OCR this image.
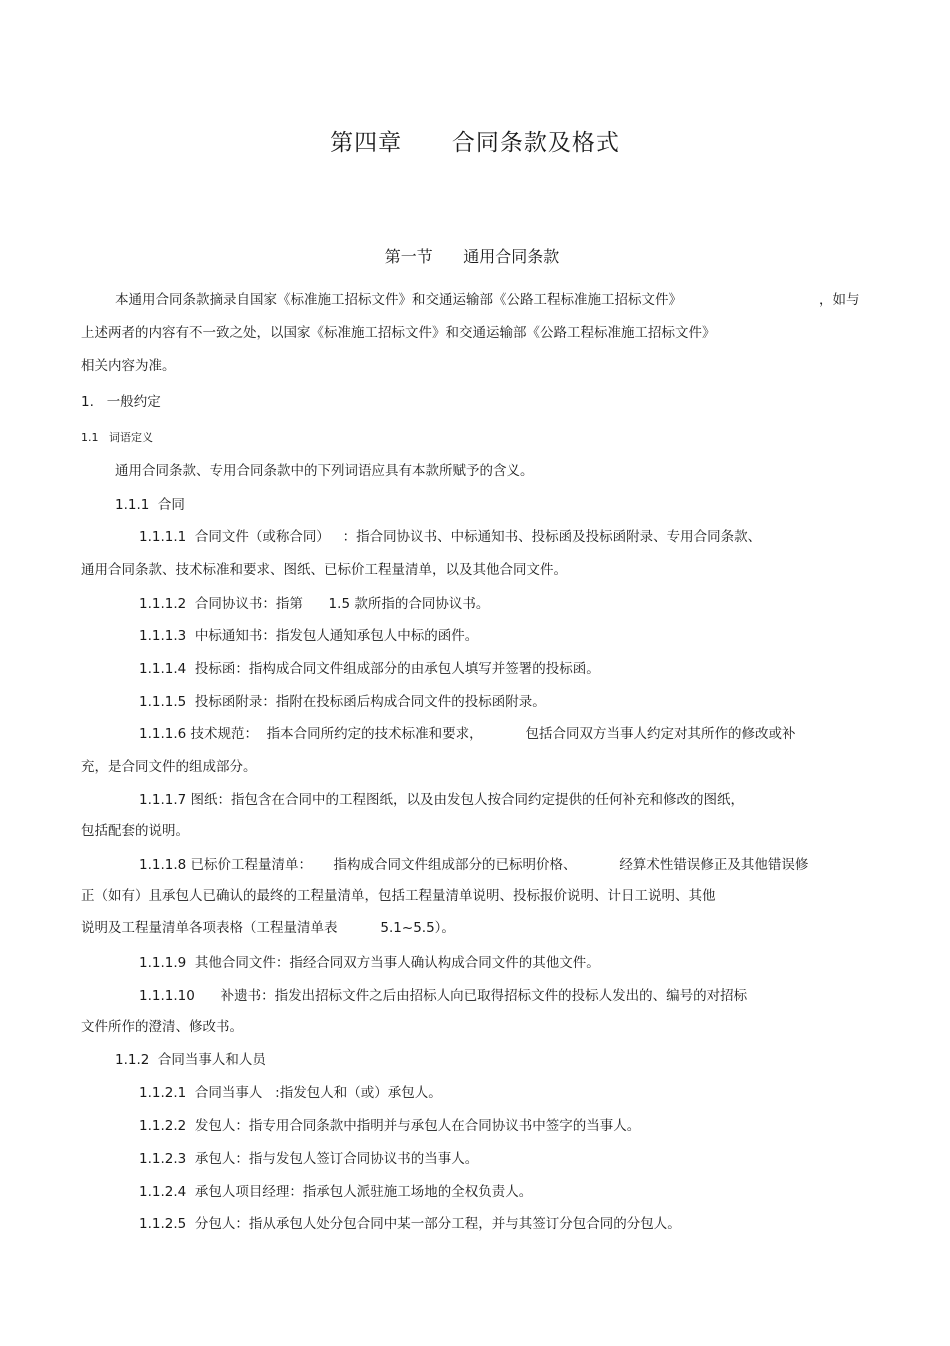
第四章      合同条款及格式
第一节      通用合同条款
本通用合同条款摘录自国家《标准施工招标文件》和交通运输部《公路工程标准施工招标文件》	，如与
上述两者的内容有不一致之处，以国家《标准施工招标文件》和交通运输部《公路工程标准施工招标文件》
相关内容为准。
1.   一般约定
1.1   词语定义
通用合同条款、专用合同条款中的下列词语应具有本款所赋予的含义。
1.1.1  合同
1.1.1.1  合同文件（或称合同）   ：指合同协议书、中标通知书、投标函及投标函附录、专用合同条款、
通用合同条款、技术标准和要求、图纸、已标价工程量清单，以及其他合同文件。
1.1.1.2  合同协议书：指第      1.5 款所指的合同协议书。
1.1.1.3  中标通知书：指发包人通知承包人中标的函件。
1.1.1.4  投标函：指构成合同文件组成部分的由承包人填写并签署的投标函。
1.1.1.5  投标函附录：指附在投标函后构成合同文件的投标函附录。
1.1.1.6 技术规范：  指本合同所约定的技术标准和要求，          包括合同双方当事人约定对其所作的修改或补
充，是合同文件的组成部分。
1.1.1.7 图纸：指包含在合同中的工程图纸，以及由发包人按合同约定提供的任何补充和修改的图纸，
包括配套的说明。
1.1.1.8 已标价工程量清单：     指构成合同文件组成部分的已标明价格、          经算术性错误修正及其他错误修
正（如有）且承包人已确认的最终的工程量清单，包括工程量清单说明、投标报价说明、计日工说明、其他
说明及工程量清单各项表格（工程量清单表          5.1~5.5）。
1.1.1.9  其他合同文件：指经合同双方当事人确认构成合同文件的其他文件。
1.1.1.10      补遗书：指发出招标文件之后由招标人向已取得招标文件的投标人发出的、编号的对招标
文件所作的澄清、修改书。
1.1.2  合同当事人和人员
1.1.2.1  合同当事人   :指发包人和（或）承包人。
1.1.2.2  发包人：指专用合同条款中指明并与承包人在合同协议书中签字的当事人。
1.1.2.3  承包人：指与发包人签订合同协议书的当事人。
1.1.2.4  承包人项目经理：指承包人派驻施工场地的全权负责人。
1.1.2.5  分包人：指从承包人处分包合同中某一部分工程，并与其签订分包合同的分包人。
